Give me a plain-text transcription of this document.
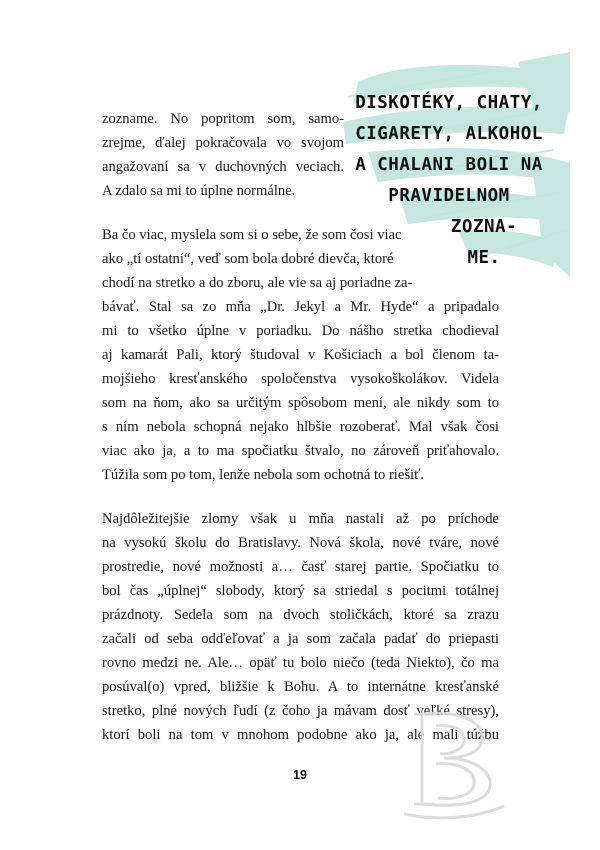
DISKOTÉKY, CHATY,
CIGARETY, ALKOHOL
A CHALANI BOLI NA
PRAVIDELNOM
ZOZNA-
ME.
zozname. No popritom som, samo-
zrejme, ďalej pokračovala vo svojom
angažovaní sa v duchovných veciach.
A zdalo sa mi to úplne normálne.
Ba čo viac, myslela som si o sebe, že som čosi viac
ako „tí ostatní“, veď som bola dobré dievča, ktoré
chodí na stretko a do zboru, ale vie sa aj poriadne za-
bávať. Stal sa zo mňa „Dr. Jekyl a Mr. Hyde“ a pripadalo
mi to všetko úplne v poriadku. Do nášho stretka chodieval
aj kamarát Pali, ktorý študoval v Košiciach a bol členom ta-
mojšieho kresťanského spoločenstva vysokoškolákov. Videla
som na ňom, ako sa určitým spôsobom mení, ale nikdy som to
s ním nebola schopná nejako hlbšie rozoberať. Mal však čosi
viac ako ja, a to ma spočiatku štvalo, no zároveň priťahovalo.
Túžila som po tom, lenže nebola som ochotná to riešiť.
Najdôležitejšie zlomy však u mňa nastali až po príchode
na vysokú školu do Bratislavy. Nová škola, nové tváre, nové
prostredie, nové možnosti a… časť starej partie. Spočiatku to
bol čas „úplnej“ slobody, ktorý sa striedal s pocitmi totálnej
prázdnoty. Sedela som na dvoch stoličkách, ktoré sa zrazu
začali od seba odďeľovať a ja som začala padať do priepasti
rovno medzi ne. Ale… opäť tu bolo niečo (teda Niekto), čo ma
posúval(o) vpred, bližšie k Bohu. A to internátne kresťanské
stretko, plné nových ľudí (z čoho ja mávam dosť veľké stresy),
ktorí boli na tom v mnohom podobne ako ja, ale mali túžbu
19
